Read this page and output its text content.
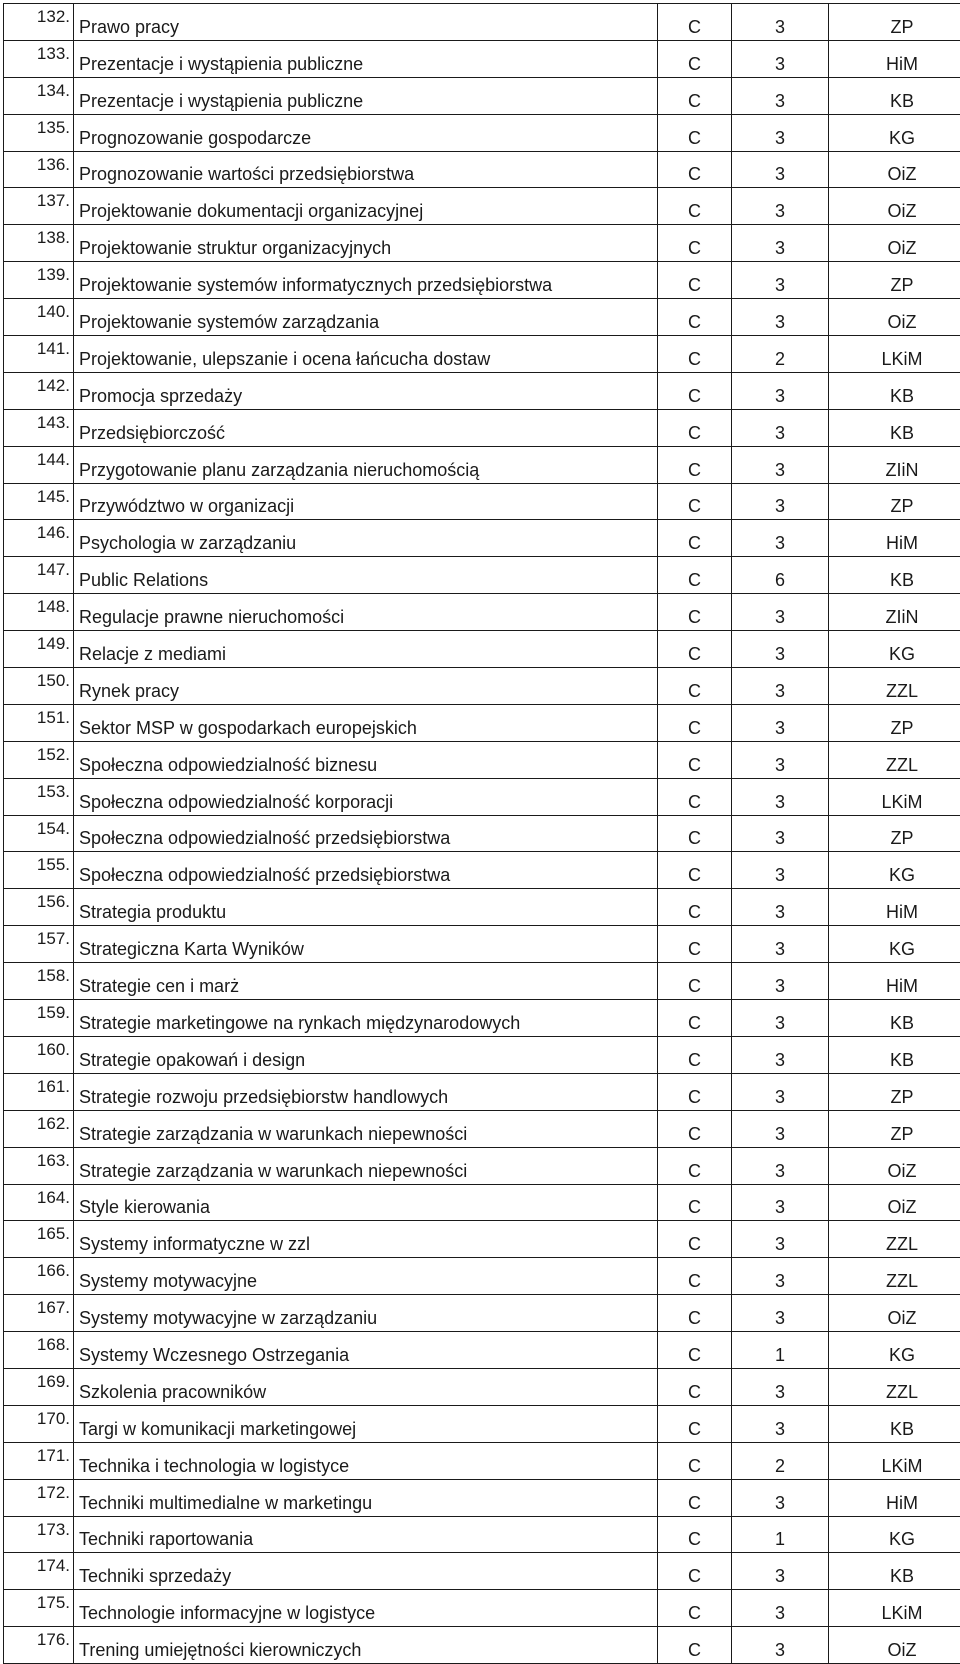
132.	Prawo pracy	C	3	ZP
133.	Prezentacje i wystąpienia publiczne	C	3	HiM
134.	Prezentacje i wystąpienia publiczne	C	3	KB
135.	Prognozowanie gospodarcze	C	3	KG
136.	Prognozowanie wartości przedsiębiorstwa	C	3	OiZ
137.	Projektowanie dokumentacji organizacyjnej	C	3	OiZ
138.	Projektowanie struktur organizacyjnych	C	3	OiZ
139.	Projektowanie systemów informatycznych przedsiębiorstwa	C	3	ZP
140.	Projektowanie systemów zarządzania	C	3	OiZ
141.	Projektowanie, ulepszanie i ocena łańcucha dostaw	C	2	LKiM
142.	Promocja sprzedaży	C	3	KB
143.	Przedsiębiorczość	C	3	KB
144.	Przygotowanie planu zarządzania nieruchomością	C	3	ZIiN
145.	Przywództwo w organizacji	C	3	ZP
146.	Psychologia w zarządzaniu	C	3	HiM
147.	Public Relations	C	6	KB
148.	Regulacje prawne nieruchomości	C	3	ZIiN
149.	Relacje z mediami	C	3	KG
150.	Rynek pracy	C	3	ZZL
151.	Sektor MSP w gospodarkach europejskich	C	3	ZP
152.	Społeczna odpowiedzialność biznesu	C	3	ZZL
153.	Społeczna odpowiedzialność korporacji	C	3	LKiM
154.	Społeczna odpowiedzialność przedsiębiorstwa	C	3	ZP
155.	Społeczna odpowiedzialność przedsiębiorstwa	C	3	KG
156.	Strategia produktu	C	3	HiM
157.	Strategiczna Karta Wyników	C	3	KG
158.	Strategie cen i marż	C	3	HiM
159.	Strategie marketingowe na rynkach międzynarodowych	C	3	KB
160.	Strategie opakowań i design	C	3	KB
161.	Strategie rozwoju przedsiębiorstw handlowych	C	3	ZP
162.	Strategie zarządzania w warunkach niepewności	C	3	ZP
163.	Strategie zarządzania w warunkach niepewności	C	3	OiZ
164.	Style kierowania	C	3	OiZ
165.	Systemy informatyczne w zzl	C	3	ZZL
166.	Systemy motywacyjne	C	3	ZZL
167.	Systemy motywacyjne w zarządzaniu	C	3	OiZ
168.	Systemy Wczesnego Ostrzegania	C	1	KG
169.	Szkolenia pracowników	C	3	ZZL
170.	Targi w komunikacji marketingowej	C	3	KB
171.	Technika i technologia w logistyce	C	2	LKiM
172.	Techniki multimedialne w marketingu	C	3	HiM
173.	Techniki raportowania	C	1	KG
174.	Techniki sprzedaży	C	3	KB
175.	Technologie informacyjne w logistyce	C	3	LKiM
176.	Trening umiejętności kierowniczych	C	3	OiZ
